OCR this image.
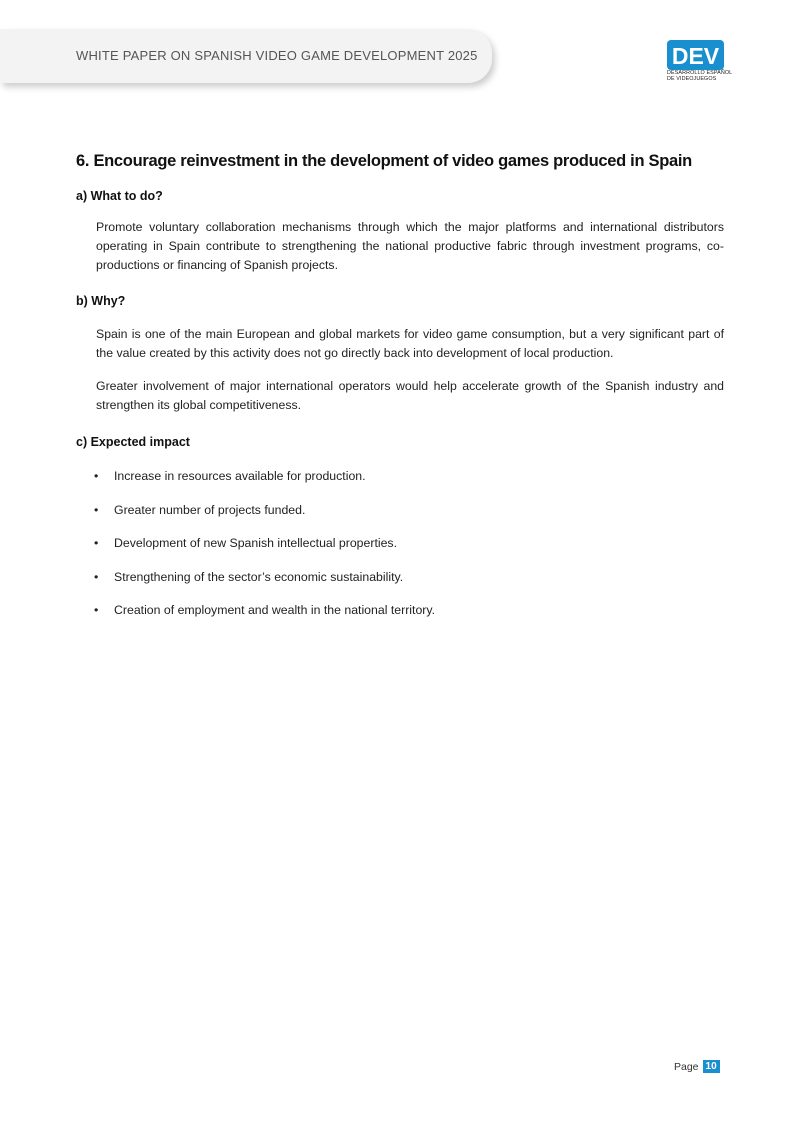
WHITE PAPER ON SPANISH VIDEO GAME DEVELOPMENT 2025	DEV
DESARROLLO ESPAÑOL
DE VIDEOJUEGOS
6. Encourage reinvestment in the development of video games produced in Spain
a) What to do?

Promote voluntary collaboration mechanisms through which the major platforms and international distributors operating in Spain contribute to strengthening the national productive fabric through investment programs, co-productions or financing of Spanish projects.

b) Why?

Spain is one of the main European and global markets for video game consumption, but a very significant part of the value created by this activity does not go directly back into development of local production.

Greater involvement of major international operators would help accelerate growth of the Spanish industry and strengthen its global competitiveness.

c) Expected impact
• Increase in resources available for production.
• Greater number of projects funded.
• Development of new Spanish intellectual properties.
• Strengthening of the sector’s economic sustainability.
• Creation of employment and wealth in the national territory.
Page 10
